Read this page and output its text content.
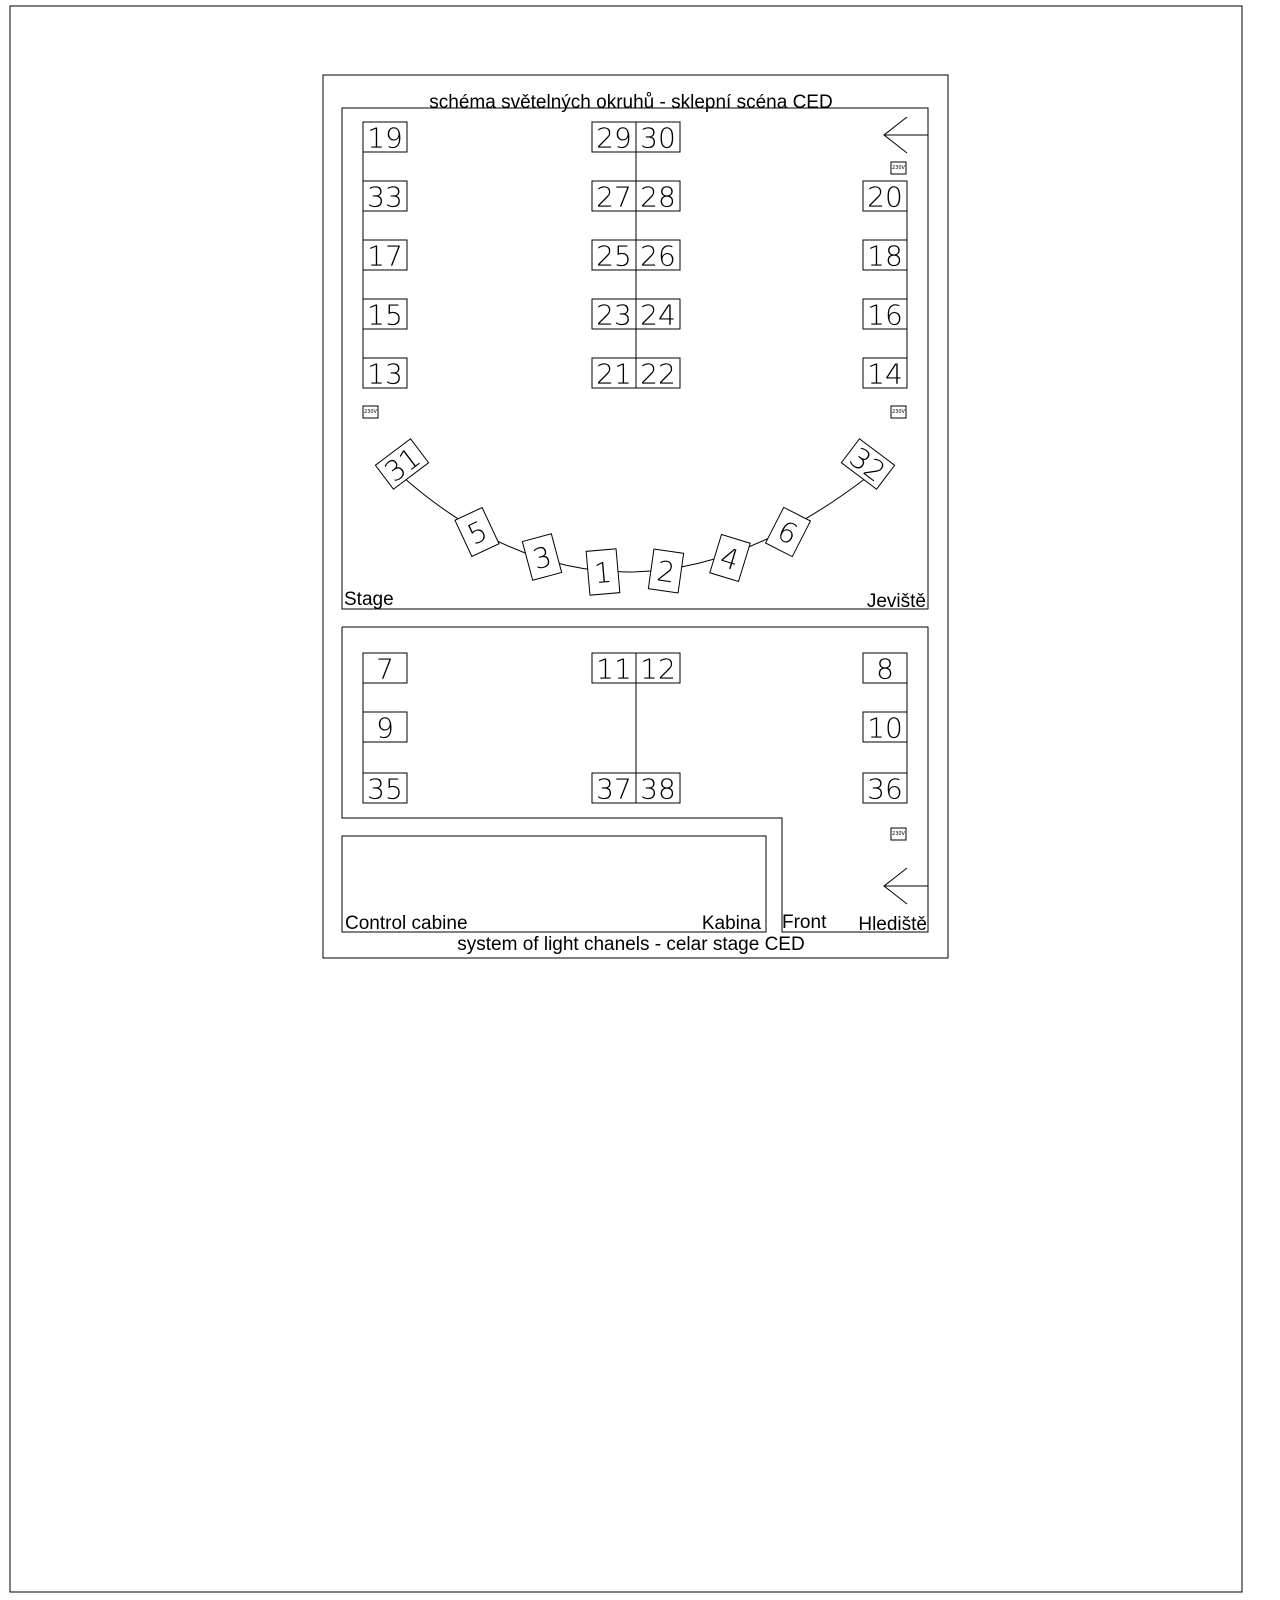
schéma světelných okruhů - sklepní scéna CED
system of light chanels - celar stage CED
Stage	Jeviště
19
33
17
15
13
29 30
27 28
25 26
23 24
21 22
20
18
16
14
230V
230V	230V
230V
31
5
3 1 2 4
6
32
7
9
35
8
10
36
11 12
37 38
Control cabine	Kabina Front Hlediště
